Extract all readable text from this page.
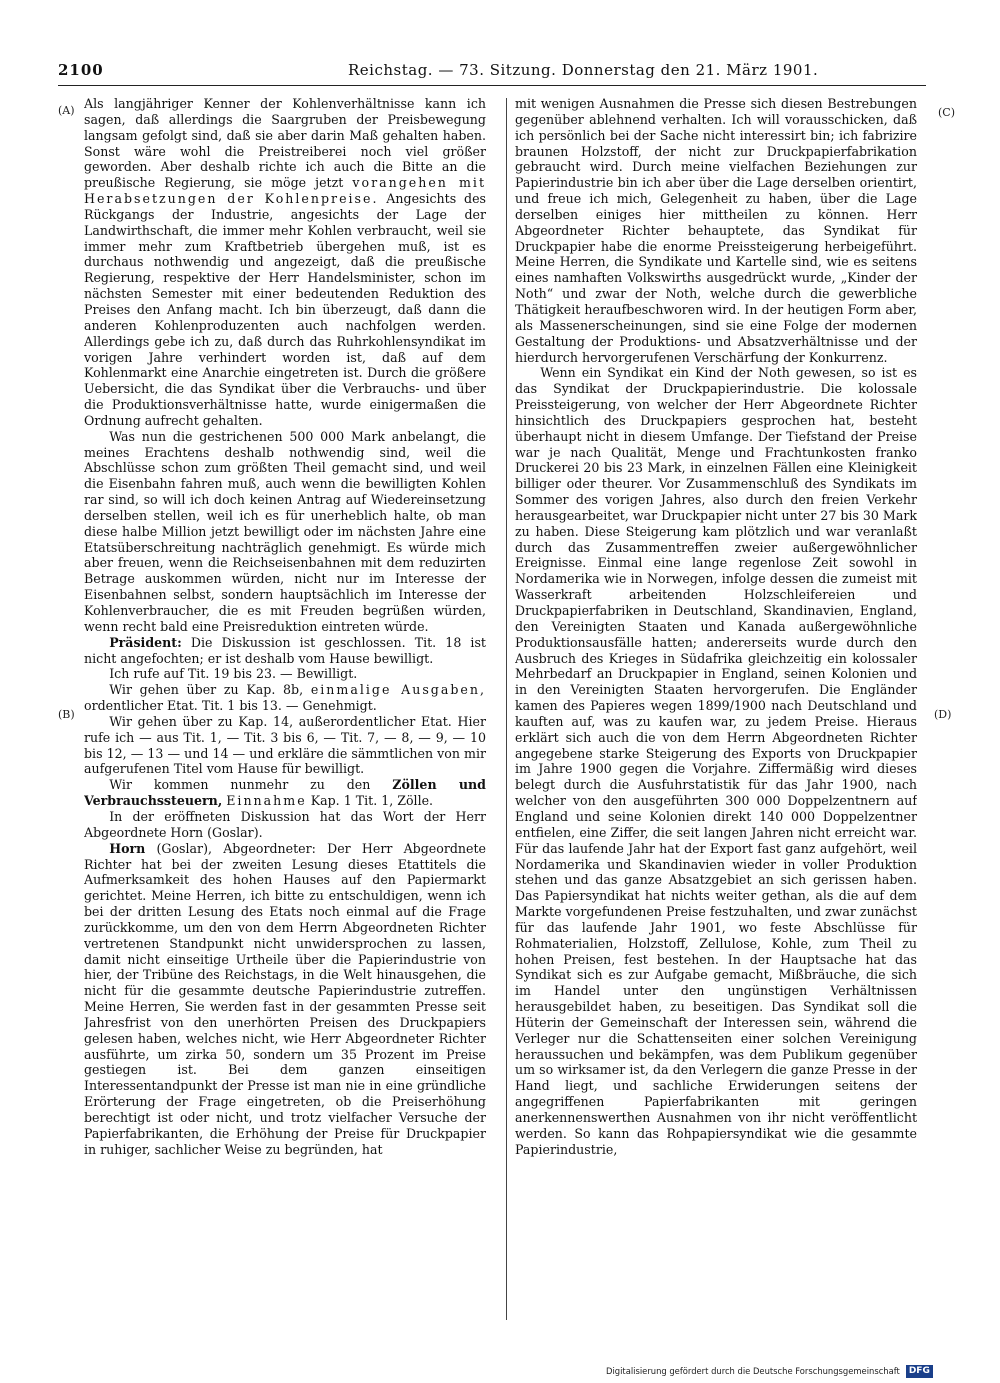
2100	Reichstag. — 73. Sitzung. Donnerstag den 21. März 1901.
(A)
(B)
(C)
(D)

Als langjähriger Kenner der Kohlenverhältnisse kann ich sagen, daß allerdings die Saargruben der Preisbewegung langsam gefolgt sind, daß sie aber darin Maß gehalten haben. Sonst wäre wohl die Preistreiberei noch viel größer geworden. Aber deshalb richte ich auch die Bitte an die preußische Regierung, sie möge jetzt vorangehen mit Herabsetzungen der Kohlenpreise. Angesichts des Rückgangs der Industrie, angesichts der Lage der Landwirthschaft, die immer mehr Kohlen verbraucht, weil sie immer mehr zum Kraftbetrieb übergehen muß, ist es durchaus nothwendig und angezeigt, daß die preußische Regierung, respektive der Herr Handelsminister, schon im nächsten Semester mit einer bedeutenden Reduktion des Preises den Anfang macht. Ich bin überzeugt, daß dann die anderen Kohlenproduzenten auch nachfolgen werden. Allerdings gebe ich zu, daß durch das Ruhrkohlensyndikat im vorigen Jahre verhindert worden ist, daß auf dem Kohlenmarkt eine Anarchie eingetreten ist. Durch die größere Uebersicht, die das Syndikat über die Verbrauchs- und über die Produktionsverhältnisse hatte, wurde einigermaßen die Ordnung aufrecht gehalten.

Was nun die gestrichenen 500 000 Mark anbelangt, die meines Erachtens deshalb nothwendig sind, weil die Abschlüsse schon zum größten Theil gemacht sind, und weil die Eisenbahn fahren muß, auch wenn die bewilligten Kohlen rar sind, so will ich doch keinen Antrag auf Wiedereinsetzung derselben stellen, weil ich es für unerheblich halte, ob man diese halbe Million jetzt bewilligt oder im nächsten Jahre eine Etatsüberschreitung nachträglich genehmigt. Es würde mich aber freuen, wenn die Reichseisenbahnen mit dem reduzirten Betrage auskommen würden, nicht nur im Interesse der Eisenbahnen selbst, sondern hauptsächlich im Interesse der Kohlenverbraucher, die es mit Freuden begrüßen würden, wenn recht bald eine Preisreduktion eintreten würde.

Präsident: Die Diskussion ist geschlossen. Tit. 18 ist nicht angefochten; er ist deshalb vom Hause bewilligt.

Ich rufe auf Tit. 19 bis 23. — Bewilligt.

Wir gehen über zu Kap. 8b, einmalige Ausgaben, ordentlicher Etat. Tit. 1 bis 13. — Genehmigt.

Wir gehen über zu Kap. 14, außerordentlicher Etat. Hier rufe ich — aus Tit. 1, — Tit. 3 bis 6, — Tit. 7, — 8, — 9, — 10 bis 12, — 13 — und 14 — und erkläre die sämmtlichen von mir aufgerufenen Titel vom Hause für bewilligt.

Wir kommen nunmehr zu den Zöllen und Verbrauchssteuern, Einnahme Kap. 1 Tit. 1, Zölle.

In der eröffneten Diskussion hat das Wort der Herr Abgeordnete Horn (Goslar).

Horn (Goslar), Abgeordneter: Der Herr Abgeordnete Richter hat bei der zweiten Lesung dieses Etattitels die Aufmerksamkeit des hohen Hauses auf den Papiermarkt gerichtet. Meine Herren, ich bitte zu entschuldigen, wenn ich bei der dritten Lesung des Etats noch einmal auf die Frage zurückkomme, um den von dem Herrn Abgeordneten Richter vertretenen Standpunkt nicht unwidersprochen zu lassen, damit nicht einseitige Urtheile über die Papierindustrie von hier, der Tribüne des Reichstags, in die Welt hinausgehen, die nicht für die gesammte deutsche Papierindustrie zutreffen. Meine Herren, Sie werden fast in der gesammten Presse seit Jahresfrist von den unerhörten Preisen des Druckpapiers gelesen haben, welches nicht, wie Herr Abgeordneter Richter ausführte, um zirka 50, sondern um 35 Prozent im Preise gestiegen ist. Bei dem ganzen einseitigen Interessentandpunkt der Presse ist man nie in eine gründliche Erörterung der Frage eingetreten, ob die Preiserhöhung berechtigt ist oder nicht, und trotz vielfacher Versuche der Papierfabrikanten, die Erhöhung der Preise für Druckpapier in ruhiger, sachlicher Weise zu begründen, hat

mit wenigen Ausnahmen die Presse sich diesen Bestrebungen gegenüber ablehnend verhalten. Ich will vorausschicken, daß ich persönlich bei der Sache nicht interessirt bin; ich fabrizire braunen Holzstoff, der nicht zur Druckpapierfabrikation gebraucht wird. Durch meine vielfachen Beziehungen zur Papierindustrie bin ich aber über die Lage derselben orientirt, und freue ich mich, Gelegenheit zu haben, über die Lage derselben einiges hier mittheilen zu können. Herr Abgeordneter Richter behauptete, das Syndikat für Druckpapier habe die enorme Preissteigerung herbeigeführt. Meine Herren, die Syndikate und Kartelle sind, wie es seitens eines namhaften Volkswirths ausgedrückt wurde, „Kinder der Noth“ und zwar der Noth, welche durch die gewerbliche Thätigkeit heraufbeschworen wird. In der heutigen Form aber, als Massenerscheinungen, sind sie eine Folge der modernen Gestaltung der Produktions- und Absatzverhältnisse und der hierdurch hervorgerufenen Verschärfung der Konkurrenz.

Wenn ein Syndikat ein Kind der Noth gewesen, so ist es das Syndikat der Druckpapierindustrie. Die kolossale Preissteigerung, von welcher der Herr Abgeordnete Richter hinsichtlich des Druckpapiers gesprochen hat, besteht überhaupt nicht in diesem Umfange. Der Tiefstand der Preise war je nach Qualität, Menge und Frachtunkosten franko Druckerei 20 bis 23 Mark, in einzelnen Fällen eine Kleinigkeit billiger oder theurer. Vor Zusammenschluß des Syndikats im Sommer des vorigen Jahres, also durch den freien Verkehr herausgearbeitet, war Druckpapier nicht unter 27 bis 30 Mark zu haben. Diese Steigerung kam plötzlich und war veranlaßt durch das Zusammentreffen zweier außergewöhnlicher Ereignisse. Einmal eine lange regenlose Zeit sowohl in Nordamerika wie in Norwegen, infolge dessen die zumeist mit Wasserkraft arbeitenden Holzschleifereien und Druckpapierfabriken in Deutschland, Skandinavien, England, den Vereinigten Staaten und Kanada außergewöhnliche Produktionsausfälle hatten; andererseits wurde durch den Ausbruch des Krieges in Südafrika gleichzeitig ein kolossaler Mehrbedarf an Druckpapier in England, seinen Kolonien und in den Vereinigten Staaten hervorgerufen. Die Engländer kamen des Papieres wegen 1899/1900 nach Deutschland und kauften auf, was zu kaufen war, zu jedem Preise. Hieraus erklärt sich auch die von dem Herrn Abgeordneten Richter angegebene starke Steigerung des Exports von Druckpapier im Jahre 1900 gegen die Vorjahre. Ziffermäßig wird dieses belegt durch die Ausfuhrstatistik für das Jahr 1900, nach welcher von den ausgeführten 300 000 Doppelzentnern auf England und seine Kolonien direkt 140 000 Doppelzentner entfielen, eine Ziffer, die seit langen Jahren nicht erreicht war. Für das laufende Jahr hat der Export fast ganz aufgehört, weil Nordamerika und Skandinavien wieder in voller Produktion stehen und das ganze Absatzgebiet an sich gerissen haben. Das Papiersyndikat hat nichts weiter gethan, als die auf dem Markte vorgefundenen Preise festzuhalten, und zwar zunächst für das laufende Jahr 1901, wo feste Abschlüsse für Rohmaterialien, Holzstoff, Zellulose, Kohle, zum Theil zu hohen Preisen, fest bestehen. In der Hauptsache hat das Syndikat sich es zur Aufgabe gemacht, Mißbräuche, die sich im Handel unter den ungünstigen Verhältnissen herausgebildet haben, zu beseitigen. Das Syndikat soll die Hüterin der Gemeinschaft der Interessen sein, während die Verleger nur die Schattenseiten einer solchen Vereinigung heraussuchen und bekämpfen, was dem Publikum gegenüber um so wirksamer ist, da den Verlegern die ganze Presse in der Hand liegt, und sachliche Erwiderungen seitens der angegriffenen Papierfabrikanten mit geringen anerkennenswerthen Ausnahmen von ihr nicht veröffentlicht werden. So kann das Rohpapiersyndikat wie die gesammte Papierindustrie,

Digitalisierung gefördert durch die Deutsche Forschungsgemeinschaft DFG
